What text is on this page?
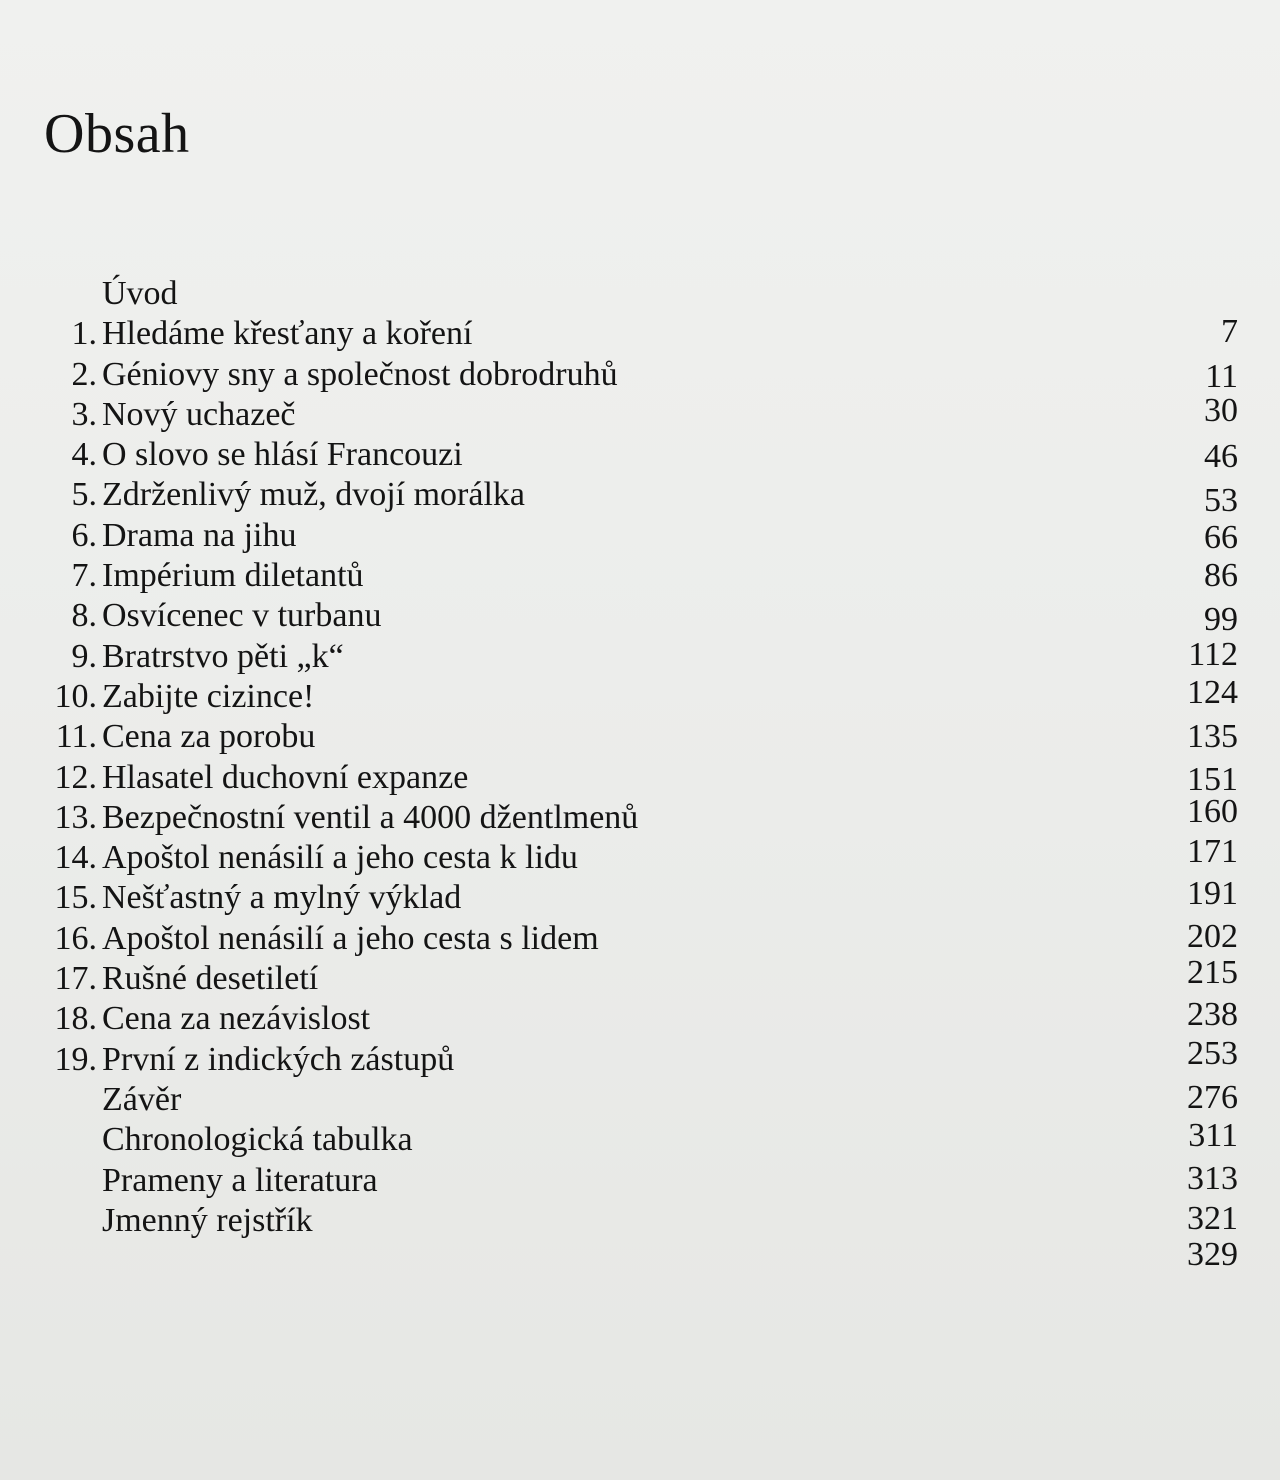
Obsah
Úvod
1. Hledáme křesťany a koření	7
2. Géniovy sny a společnost dobrodruhů	11
3. Nový uchazeč	30
4. O slovo se hlásí Francouzi	46
5. Zdrženlivý muž, dvojí morálka	53
6. Drama na jihu	66
7. Impérium diletantů	86
8. Osvícenec v turbanu	99
9. Bratrstvo pěti „k“	112
10. Zabijte cizince!	124
11. Cena za porobu	135
12. Hlasatel duchovní expanze	151
13. Bezpečnostní ventil a 4000 džentlmenů	160
14. Apoštol nenásilí a jeho cesta k lidu	171
15. Nešťastný a mylný výklad	191
16. Apoštol nenásilí a jeho cesta s lidem	202
17. Rušné desetiletí	215
18. Cena za nezávislost	238
19. První z indických zástupů	253
Závěr	276
Chronologická tabulka	311
Prameny a literatura	313
Jmenný rejstřík	321
329
